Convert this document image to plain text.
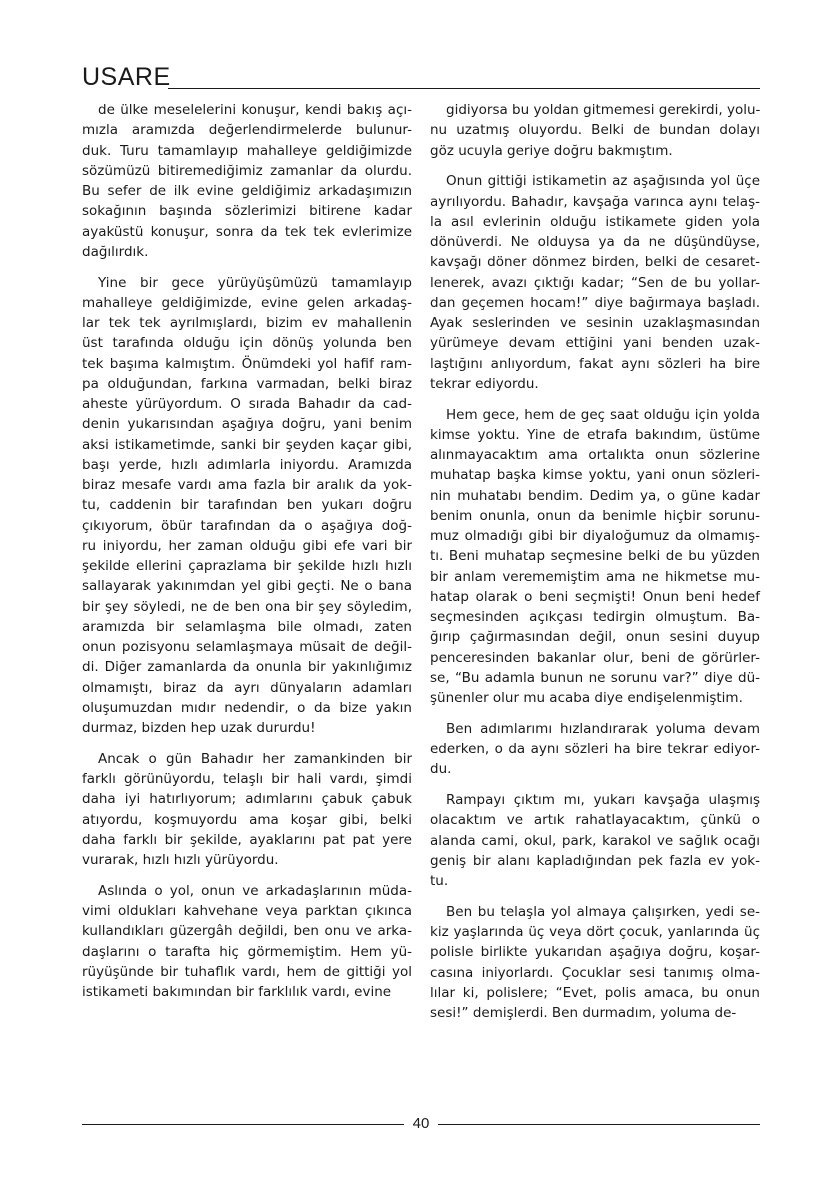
USARE
de ülke meselelerini konuşur, kendi bakış açı-
mızla aramızda değerlendirmelerde bulunur-
duk. Turu tamamlayıp mahalleye geldiğimizde
sözümüzü bitiremediğimiz zamanlar da olurdu.
Bu sefer de ilk evine geldiğimiz arkadaşımızın
sokağının başında sözlerimizi bitirene kadar
ayaküstü konuşur, sonra da tek tek evlerimize
dağılırdık.
Yine bir gece yürüyüşümüzü tamamlayıp
mahalleye geldiğimizde, evine gelen arkadaş-
lar tek tek ayrılmışlardı, bizim ev mahallenin
üst tarafında olduğu için dönüş yolunda ben
tek başıma kalmıştım. Önümdeki yol hafif ram-
pa olduğundan, farkına varmadan, belki biraz
aheste yürüyordum. O sırada Bahadır da cad-
denin yukarısından aşağıya doğru, yani benim
aksi istikametimde, sanki bir şeyden kaçar gibi,
başı yerde, hızlı adımlarla iniyordu. Aramızda
biraz mesafe vardı ama fazla bir aralık da yok-
tu, caddenin bir tarafından ben yukarı doğru
çıkıyorum, öbür tarafından da o aşağıya doğ-
ru iniyordu, her zaman olduğu gibi efe vari bir
şekilde ellerini çaprazlama bir şekilde hızlı hızlı
sallayarak yakınımdan yel gibi geçti. Ne o bana
bir şey söyledi, ne de ben ona bir şey söyledim,
aramızda bir selamlaşma bile olmadı, zaten
onun pozisyonu selamlaşmaya müsait de değil-
di. Diğer zamanlarda da onunla bir yakınlığımız
olmamıştı, biraz da ayrı dünyaların adamları
oluşumuzdan mıdır nedendir, o da bize yakın
durmaz, bizden hep uzak dururdu!
Ancak o gün Bahadır her zamankinden bir
farklı görünüyordu, telaşlı bir hali vardı, şimdi
daha iyi hatırlıyorum; adımlarını çabuk çabuk
atıyordu, koşmuyordu ama koşar gibi, belki
daha farklı bir şekilde, ayaklarını pat pat yere
vurarak, hızlı hızlı yürüyordu.
Aslında o yol, onun ve arkadaşlarının müda-
vimi oldukları kahvehane veya parktan çıkınca
kullandıkları güzergâh değildi, ben onu ve arka-
daşlarını o tarafta hiç görmemiştim. Hem yü-
rüyüşünde bir tuhaflık vardı, hem de gittiği yol
istikameti bakımından bir farklılık vardı, evine
gidiyorsa bu yoldan gitmemesi gerekirdi, yolu-
nu uzatmış oluyordu. Belki de bundan dolayı
göz ucuyla geriye doğru bakmıştım.
Onun gittiği istikametin az aşağısında yol üçe
ayrılıyordu. Bahadır, kavşağa varınca aynı telaş-
la asıl evlerinin olduğu istikamete giden yola
dönüverdi. Ne olduysa ya da ne düşündüyse,
kavşağı döner dönmez birden, belki de cesaret-
lenerek, avazı çıktığı kadar; “Sen de bu yollar-
dan geçemen hocam!” diye bağırmaya başladı.
Ayak seslerinden ve sesinin uzaklaşmasından
yürümeye devam ettiğini yani benden uzak-
laştığını anlıyordum, fakat aynı sözleri ha bire
tekrar ediyordu.
Hem gece, hem de geç saat olduğu için yolda
kimse yoktu. Yine de etrafa bakındım, üstüme
alınmayacaktım ama ortalıkta onun sözlerine
muhatap başka kimse yoktu, yani onun sözleri-
nin muhatabı bendim. Dedim ya, o güne kadar
benim onunla, onun da benimle hiçbir sorunu-
muz olmadığı gibi bir diyaloğumuz da olmamış-
tı. Beni muhatap seçmesine belki de bu yüzden
bir anlam verememiştim ama ne hikmetse mu-
hatap olarak o beni seçmişti! Onun beni hedef
seçmesinden açıkçası tedirgin olmuştum. Ba-
ğırıp çağırmasından değil, onun sesini duyup
penceresinden bakanlar olur, beni de görürler-
se, “Bu adamla bunun ne sorunu var?” diye dü-
şünenler olur mu acaba diye endişelenmiştim.
Ben adımlarımı hızlandırarak yoluma devam
ederken, o da aynı sözleri ha bire tekrar ediyor-
du.
Rampayı çıktım mı, yukarı kavşağa ulaşmış
olacaktım ve artık rahatlayacaktım, çünkü o
alanda cami, okul, park, karakol ve sağlık ocağı
geniş bir alanı kapladığından pek fazla ev yok-
tu.
Ben bu telaşla yol almaya çalışırken, yedi se-
kiz yaşlarında üç veya dört çocuk, yanlarında üç
polisle birlikte yukarıdan aşağıya doğru, koşar-
casına iniyorlardı. Çocuklar sesi tanımış olma-
lılar ki, polislere; “Evet, polis amaca, bu onun
sesi!” demişlerdi. Ben durmadım, yoluma de-
40
